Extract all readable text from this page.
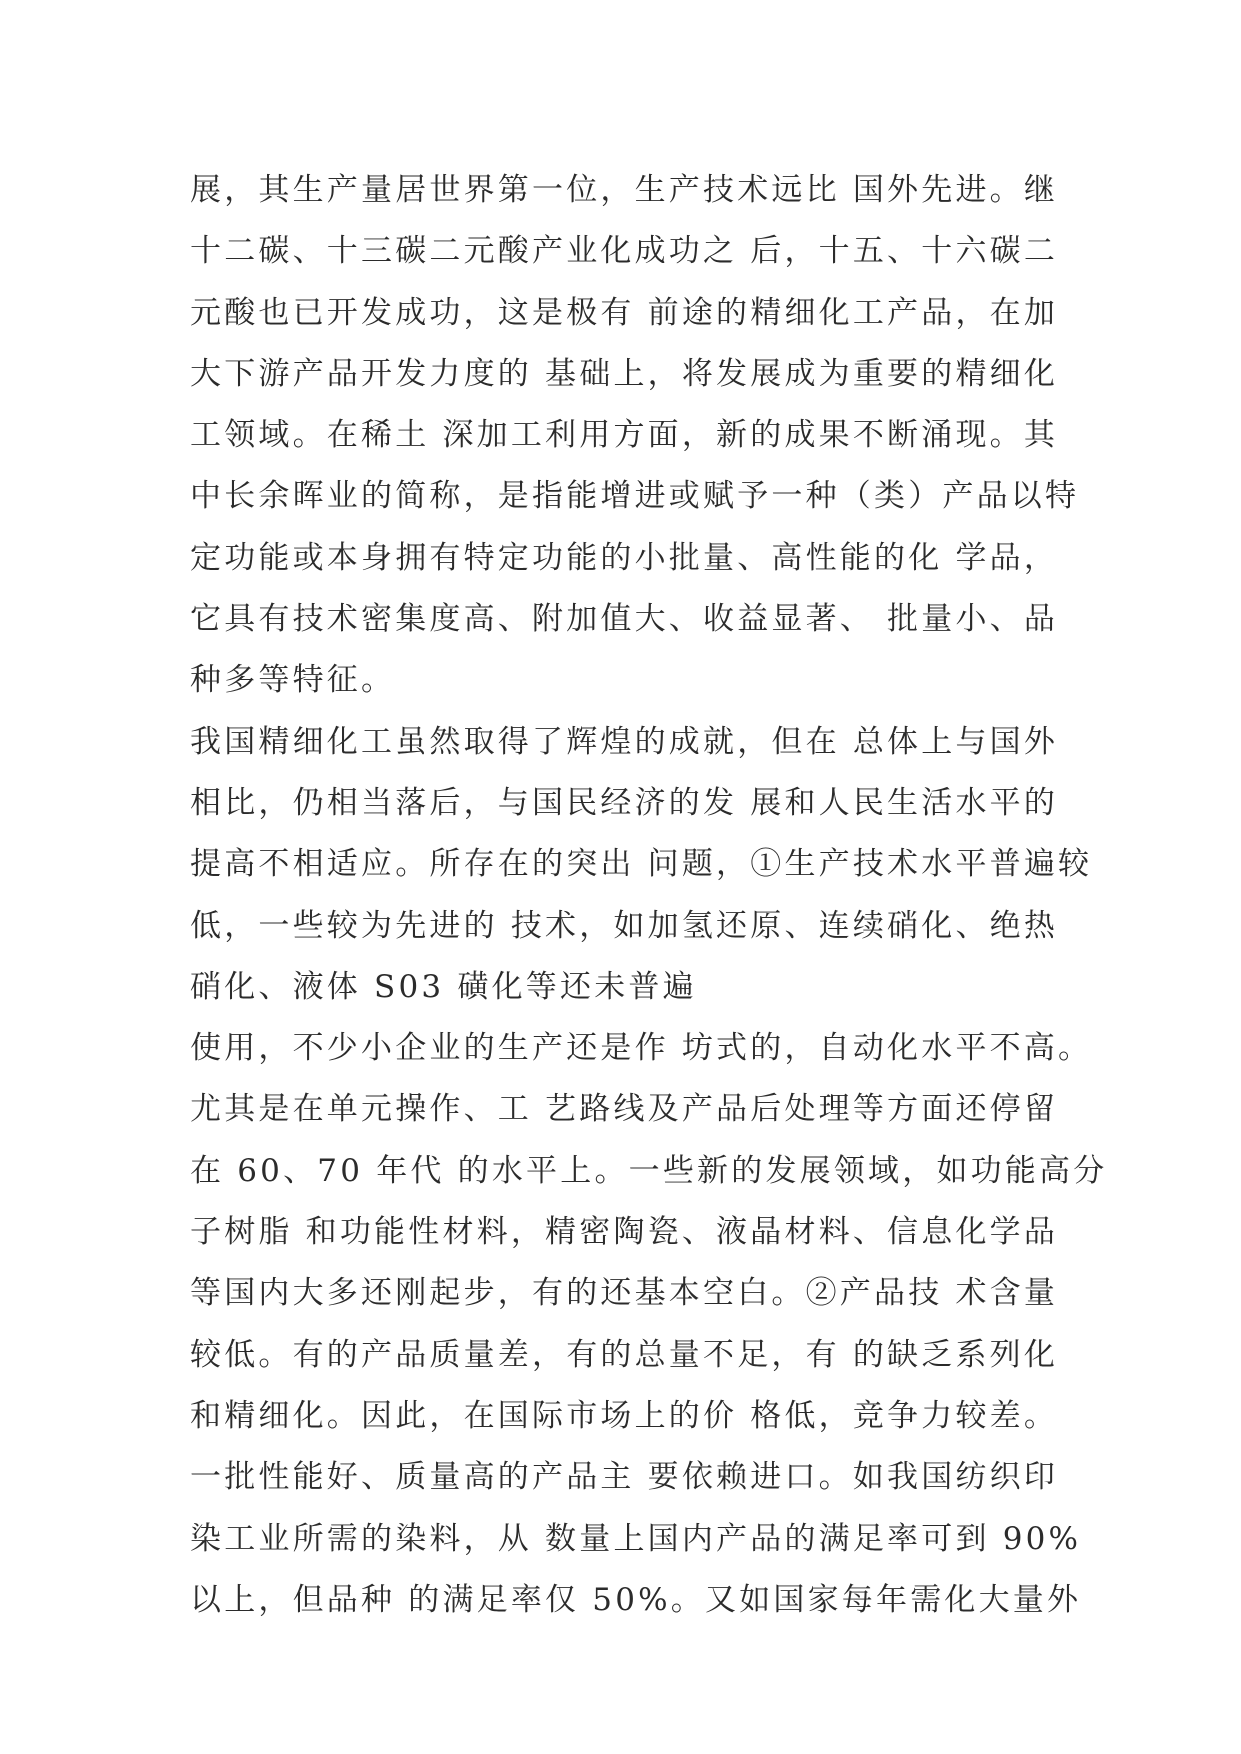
展，其生产量居世界第一位，生产技术远比 国外先进。继
十二碳、十三碳二元酸产业化成功之 后，十五、十六碳二
元酸也已开发成功，这是极有 前途的精细化工产品，在加
大下游产品开发力度的 基础上，将发展成为重要的精细化
工领域。在稀土 深加工利用方面，新的成果不断涌现。其
中长余晖业的简称，是指能增进或赋予一种（类）产品以特
定功能或本身拥有特定功能的小批量、高性能的化 学品，
它具有技术密集度高、附加值大、收益显著、 批量小、品
种多等特征。
我国精细化工虽然取得了辉煌的成就，但在 总体上与国外
相比，仍相当落后，与国民经济的发 展和人民生活水平的
提高不相适应。所存在的突出 问题，①生产技术水平普遍较
低，一些较为先进的 技术，如加氢还原、连续硝化、绝热
硝化、液体 S03 磺化等还未普遍
使用，不少小企业的生产还是作 坊式的，自动化水平不高。
尤其是在单元操作、工 艺路线及产品后处理等方面还停留
在 60、70 年代 的水平上。一些新的发展领域，如功能高分
子树脂 和功能性材料，精密陶瓷、液晶材料、信息化学品
等国内大多还刚起步，有的还基本空白。②产品技 术含量
较低。有的产品质量差，有的总量不足，有 的缺乏系列化
和精细化。因此，在国际市场上的价 格低，竞争力较差。
一批性能好、质量高的产品主 要依赖进口。如我国纺织印
染工业所需的染料，从 数量上国内产品的满足率可到 90%
以上，但品种 的满足率仅 50%。又如国家每年需化大量外
